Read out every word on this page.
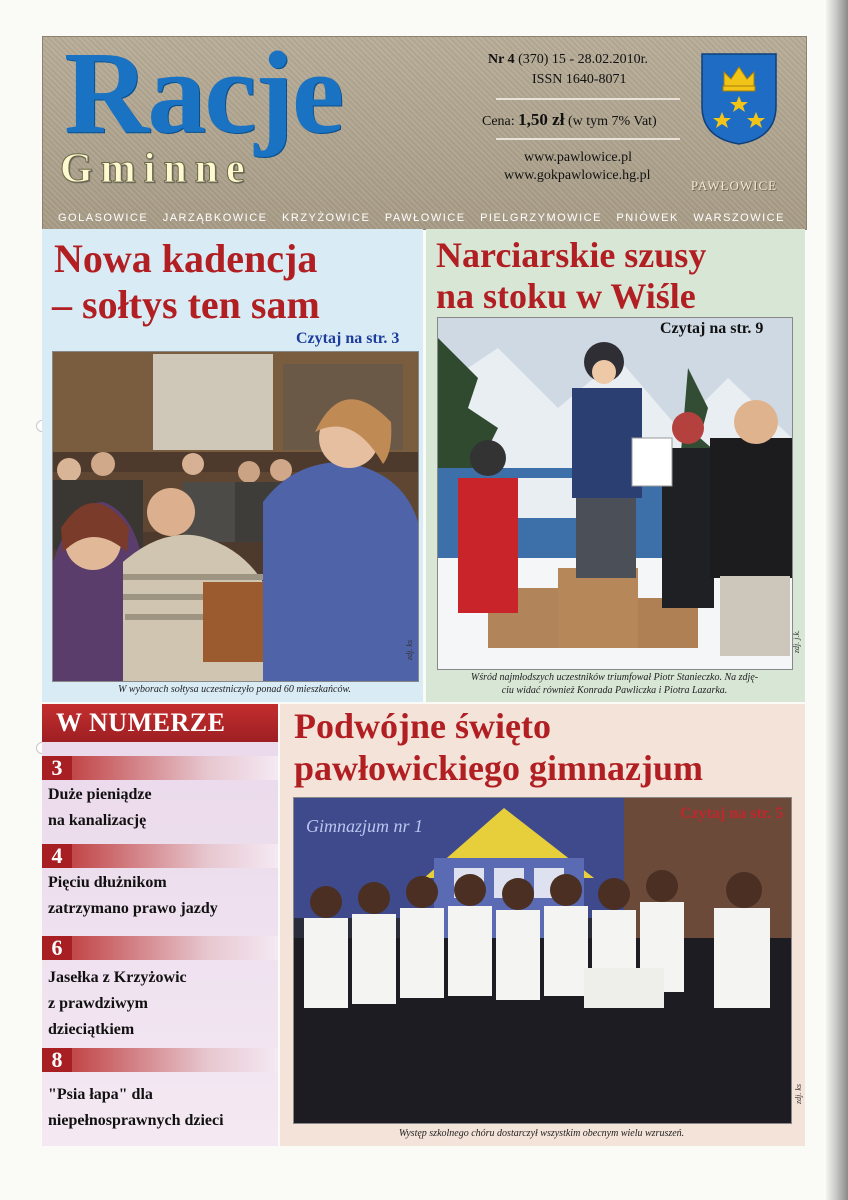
Racje
Gminne
Nr 4 (370) 15 - 28.02.2010r.
ISSN 1640-8071
Cena: 1,50 zł (w tym 7% Vat)
www.pawlowice.pl
www.gokpawlowice.hg.pl
PAWŁOWICE
GOLASOWICE JARZĄBKOWICE KRZYŻOWICE PAWŁOWICE PIELGRZYMOWICE PNIÓWEK WARSZOWICE
Nowa kadencja
– sołtys ten sam
Czytaj na str. 3
W wyborach sołtysa uczestniczyło ponad 60 mieszkańców.
zdj. ks
Narciarskie szusy
na stoku w Wiśle
Czytaj na str. 9
Wśród najmłodszych uczestników triumfował Piotr Stanieczko. Na zdję-
ciu widać również Konrada Pawliczka i Piotra Lazarka.
zdj. j.k.
W NUMERZE
3
Duże pieniądze
na kanalizację
4
Pięciu dłużnikom
zatrzymano prawo jazdy
6
Jasełka z Krzyżowic
z prawdziwym
dzieciątkiem
8
"Psia łapa" dla
niepełnosprawnych dzieci
Podwójne święto
pawłowickiego gimnazjum
Gimnazjum nr 1
Czytaj na str. 5
Występ szkolnego chóru dostarczył wszystkim obecnym wielu wzruszeń.
zdj. ks
